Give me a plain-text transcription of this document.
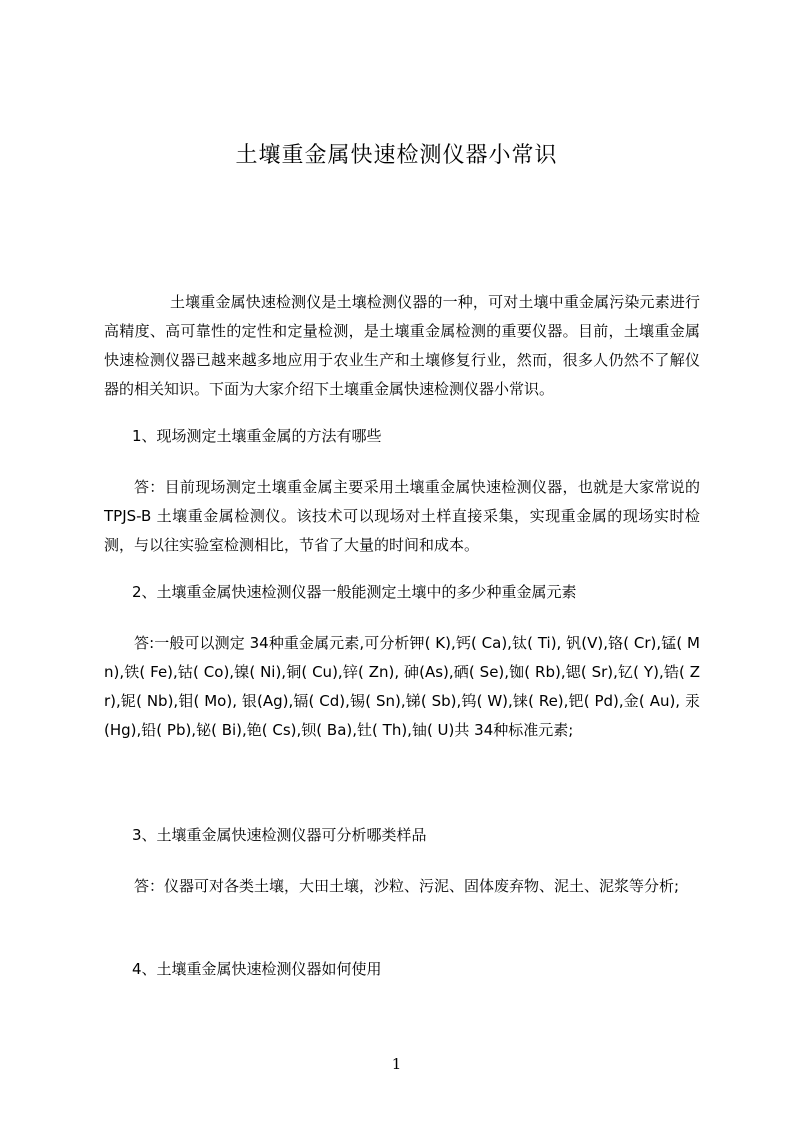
土壤重金属快速检测仪器小常识

土壤重金属快速检测仪是土壤检测仪器的一种，可对土壤中重金属污染元素进行高精度、高可靠性的定性和定量检测，是土壤重金属检测的重要仪器。目前，土壤重金属快速检测仪器已越来越多地应用于农业生产和土壤修复行业，然而，很多人仍然不了解仪器的相关知识。下面为大家介绍下土壤重金属快速检测仪器小常识。

1、现场测定土壤重金属的方法有哪些

答：目前现场测定土壤重金属主要采用土壤重金属快速检测仪器，也就是大家常说的 TPJS-B 土壤重金属检测仪。该技术可以现场对土样直接采集，实现重金属的现场实时检测，与以往实验室检测相比，节省了大量的时间和成本。

2、土壤重金属快速检测仪器一般能测定土壤中的多少种重金属元素

答:一般可以测定 34种重金属元素,可分析钾( K),钙( Ca),钛( Ti), 钒(V),铬( Cr),锰( Mn),铁( Fe),钴( Co),镍( Ni),铜( Cu),锌( Zn), 砷(As),硒( Se),铷( Rb),锶( Sr),钇( Y),锆( Zr),铌( Nb),钼( Mo), 银(Ag),镉( Cd),锡( Sn),锑( Sb),钨( W),铼( Re),钯( Pd),金( Au), 汞(Hg),铅( Pb),铋( Bi),铯( Cs),钡( Ba),钍( Th),铀( U)共 34种标准元素;

3、土壤重金属快速检测仪器可分析哪类样品

答：仪器可对各类土壤，大田土壤，沙粒、污泥、固体废弃物、泥土、泥浆等分析;

4、土壤重金属快速检测仪器如何使用

1
